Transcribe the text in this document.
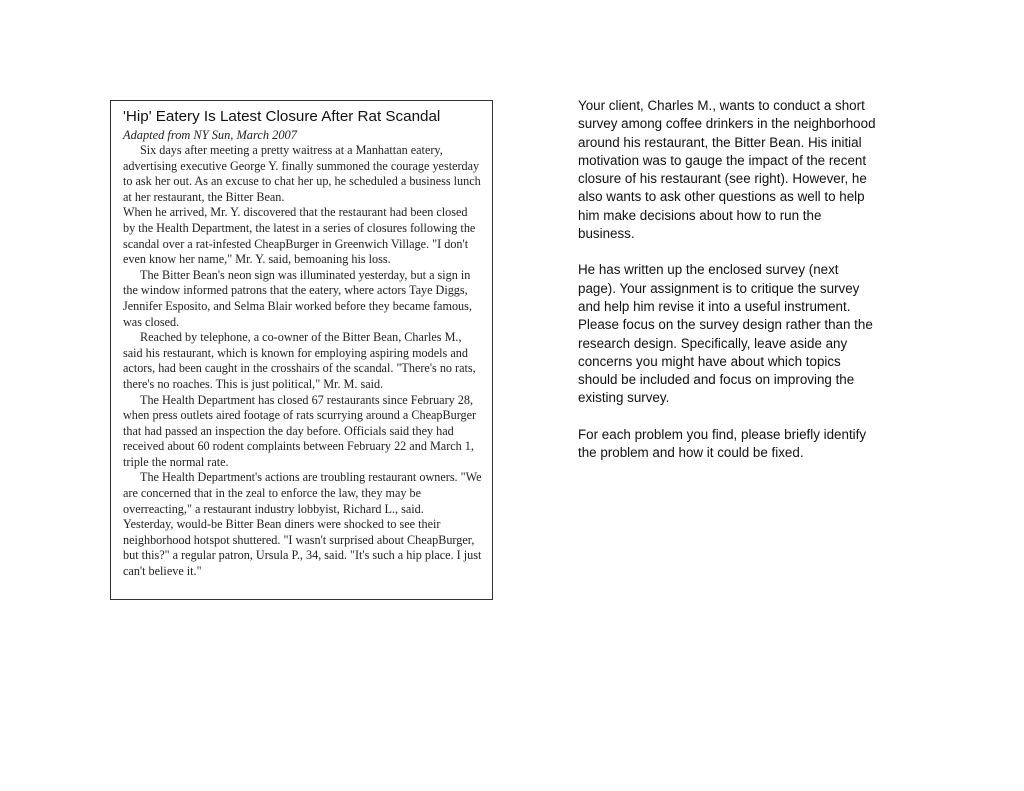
'Hip' Eatery Is Latest Closure After Rat Scandal
Adapted from NY Sun, March 2007

Six days after meeting a pretty waitress at a Manhattan eatery, advertising executive George Y. finally summoned the courage yesterday to ask her out. As an excuse to chat her up, he scheduled a business lunch at her restaurant, the Bitter Bean.

When he arrived, Mr. Y. discovered that the restaurant had been closed by the Health Department, the latest in a series of closures following the scandal over a rat-infested CheapBurger in Greenwich Village. "I don't even know her name," Mr. Y. said, bemoaning his loss.

The Bitter Bean's neon sign was illuminated yesterday, but a sign in the window informed patrons that the eatery, where actors Taye Diggs, Jennifer Esposito, and Selma Blair worked before they became famous, was closed.

Reached by telephone, a co-owner of the Bitter Bean, Charles M., said his restaurant, which is known for employing aspiring models and actors, had been caught in the crosshairs of the scandal. "There's no rats, there's no roaches. This is just political," Mr. M. said.

The Health Department has closed 67 restaurants since February 28, when press outlets aired footage of rats scurrying around a CheapBurger that had passed an inspection the day before. Officials said they had received about 60 rodent complaints between February 22 and March 1, triple the normal rate.

The Health Department's actions are troubling restaurant owners. "We are concerned that in the zeal to enforce the law, they may be overreacting," a restaurant industry lobbyist, Richard L., said.

Yesterday, would-be Bitter Bean diners were shocked to see their neighborhood hotspot shuttered. "I wasn't surprised about CheapBurger, but this?" a regular patron, Ursula P., 34, said. "It's such a hip place. I just can't believe it."

Your client, Charles M., wants to conduct a short survey among coffee drinkers in the neighborhood around his restaurant, the Bitter Bean. His initial motivation was to gauge the impact of the recent closure of his restaurant (see right). However, he also wants to ask other questions as well to help him make decisions about how to run the business.

He has written up the enclosed survey (next page). Your assignment is to critique the survey and help him revise it into a useful instrument. Please focus on the survey design rather than the research design. Specifically, leave aside any concerns you might have about which topics should be included and focus on improving the existing survey.

For each problem you find, please briefly identify the problem and how it could be fixed.
